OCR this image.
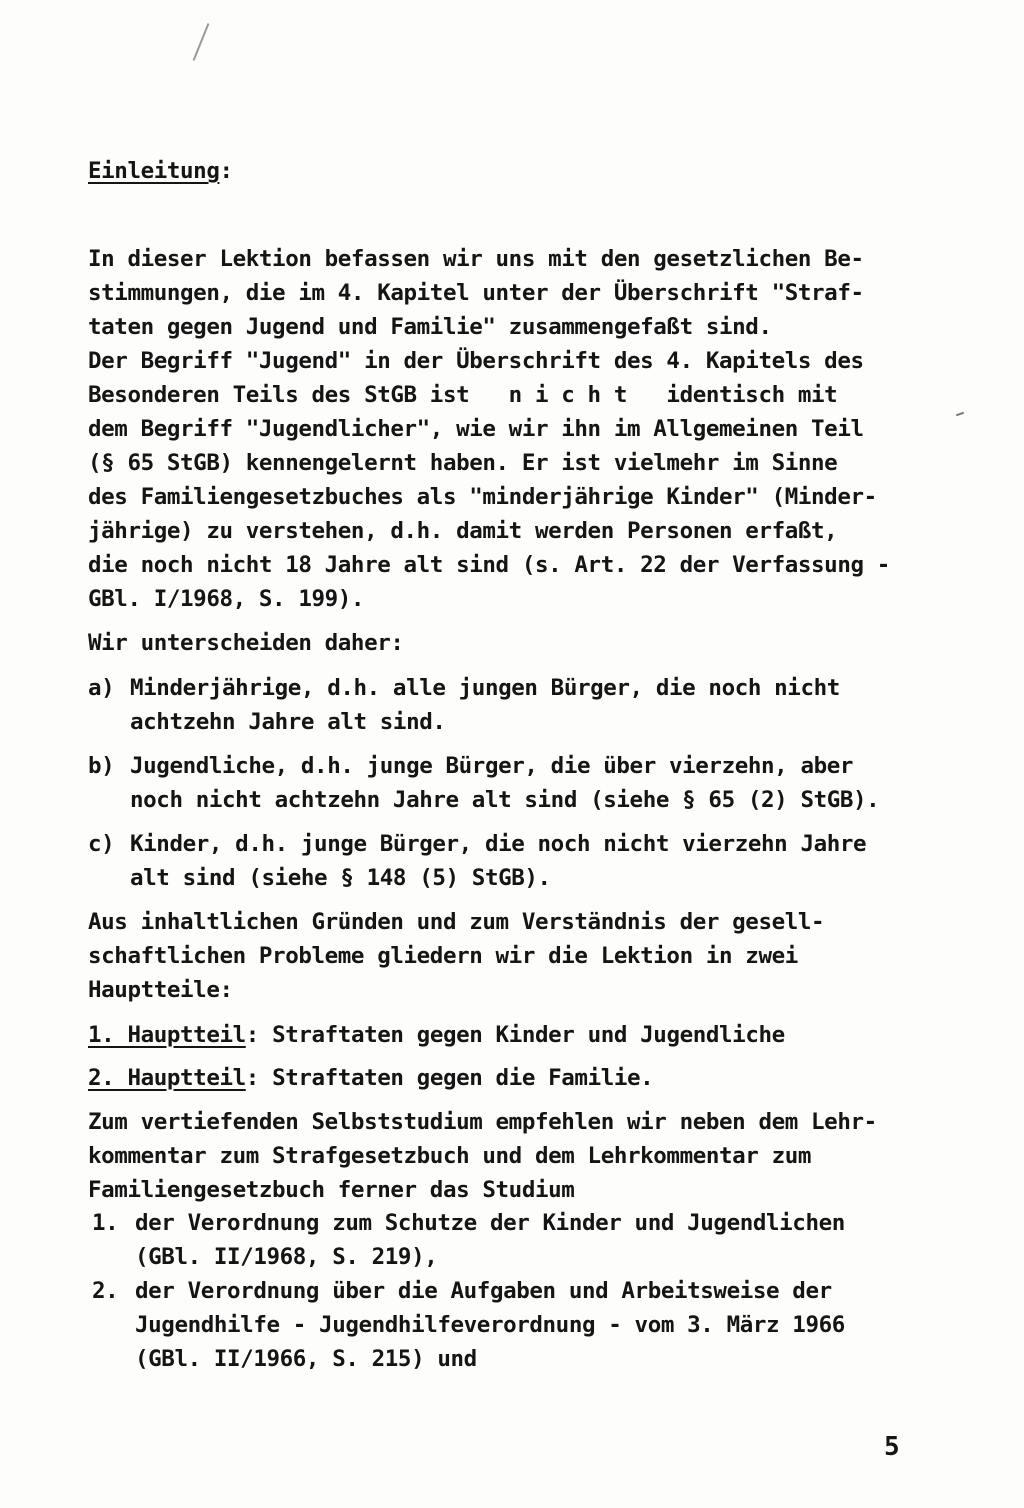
Einleitung:
In dieser Lektion befassen wir uns mit den gesetzlichen Be-
stimmungen, die im 4. Kapitel unter der Überschrift "Straf-
taten gegen Jugend und Familie" zusammengefaßt sind.
Der Begriff "Jugend" in der Überschrift des 4. Kapitels des
Besonderen Teils des StGB ist   n i c h t   identisch mit
dem Begriff "Jugendlicher", wie wir ihn im Allgemeinen Teil
(§ 65 StGB) kennengelernt haben. Er ist vielmehr im Sinne
des Familiengesetzbuches als "minderjährige Kinder" (Minder-
jährige) zu verstehen, d.h. damit werden Personen erfaßt,
die noch nicht 18 Jahre alt sind (s. Art. 22 der Verfassung -
GBl. I/1968, S. 199).
Wir unterscheiden daher:
a) Minderjährige, d.h. alle jungen Bürger, die noch nicht
achtzehn Jahre alt sind.
b) Jugendliche, d.h. junge Bürger, die über vierzehn, aber
noch nicht achtzehn Jahre alt sind (siehe § 65 (2) StGB).
c) Kinder, d.h. junge Bürger, die noch nicht vierzehn Jahre
alt sind (siehe § 148 (5) StGB).
Aus inhaltlichen Gründen und zum Verständnis der gesell-
schaftlichen Probleme gliedern wir die Lektion in zwei
Hauptteile:
1. Hauptteil: Straftaten gegen Kinder und Jugendliche
2. Hauptteil: Straftaten gegen die Familie.
Zum vertiefenden Selbststudium empfehlen wir neben dem Lehr-
kommentar zum Strafgesetzbuch und dem Lehrkommentar zum
Familiengesetzbuch ferner das Studium
1. der Verordnung zum Schutze der Kinder und Jugendlichen
(GBl. II/1968, S. 219),
2. der Verordnung über die Aufgaben und Arbeitsweise der
Jugendhilfe - Jugendhilfeverordnung - vom 3. März 1966
(GBl. II/1966, S. 215) und
5
